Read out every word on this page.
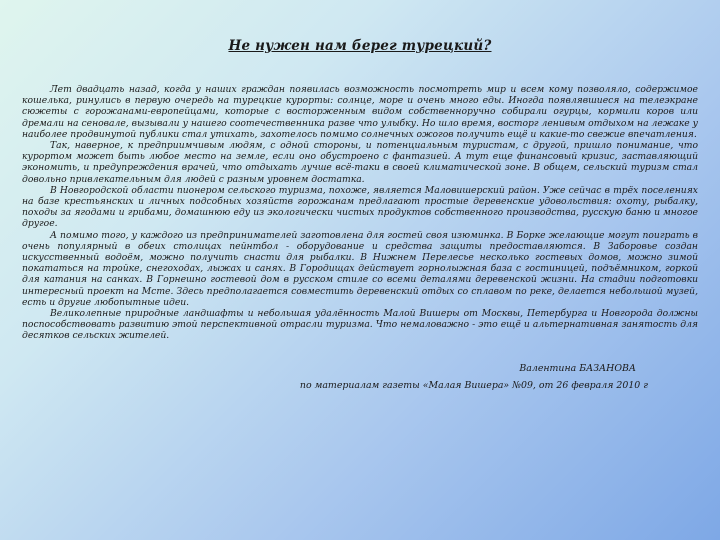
Не нужен нам берег турецкий?

Лет двадцать назад, когда у наших граждан появилась возможность посмотреть мир и всем кому позволяло, содержимое кошелька, ринулись в первую очередь на турецкие курорты: солнце, море и очень много еды. Иногда появлявшиеся на телеэкране сюжеты с горожанами-европейцами, которые с восторженным видом собственноручно собирали огурцы, кормили коров или дремали на сеновале, вызывали у нашего соотечественника разве что улыбку. Но шло время, восторг ленивым отдыхом на лежаке у наиболее продвинутой публики стал утихать, захотелось помимо солнечных ожогов получить ещё и какие-то свежие впечатления.

Так, наверное, к предприимчивым людям, с одной стороны, и потенциальным туристам, с другой, пришло понимание, что курортом может быть любое место на земле, если оно обустроено с фантазией. А тут еще финансовый кризис, заставляющий экономить, и предупреждения врачей, что отдыхать лучше всё-таки в своей климатической зоне. В общем, сельский туризм стал довольно привлекательным для людей с разным уровнем достатка.

В Новгородской области пионером сельского туризма, похоже, является Маловишерский район. Уже сейчас в трёх поселениях на базе крестьянских и личных подсобных хозяйств горожанам предлагают простые деревенские удовольствия: охоту, рыбалку, походы за ягодами и грибами, домашнюю еду из экологически чистых продуктов собственного производства, русскую баню и многое другое.

А помимо того, у каждого из предпринимателей заготовлена для гостей своя изюминка. В Борке желающие могут поиграть в очень популярный в обеих столицах пейнтбол - оборудование и средства защиты предоставляются. В Заборовье создан искусственный водоём, можно получить снасти для рыбалки. В Нижнем Перелесье несколько гостевых домов, можно зимой покататься на тройке, снегоходах, лыжах и санях. В Городищах действует горнолыжная база с гостиницей, подъёмником, горкой для катания на санках. В Горнешно гостевой дом в русском стиле со всеми деталями деревенской жизни. На стадии подготовки интересный проект на Мсте. Здесь предполагается совместить деревенский отдых со сплавом по реке, делается небольшой музей, есть и другие любопытные идеи.

Великолепные природные ландшафты и небольшая удалённость Малой Вишеры от Москвы, Петербурга и Новгорода должны поспособствовать развитию этой перспективной отрасли туризма. Что немаловажно - это ещё и альтернативная занятость для десятков сельских жителей.

Валентина БАЗАНОВА
по материалам газеты «Малая Вишера» №09, от 26 февраля 2010 г
